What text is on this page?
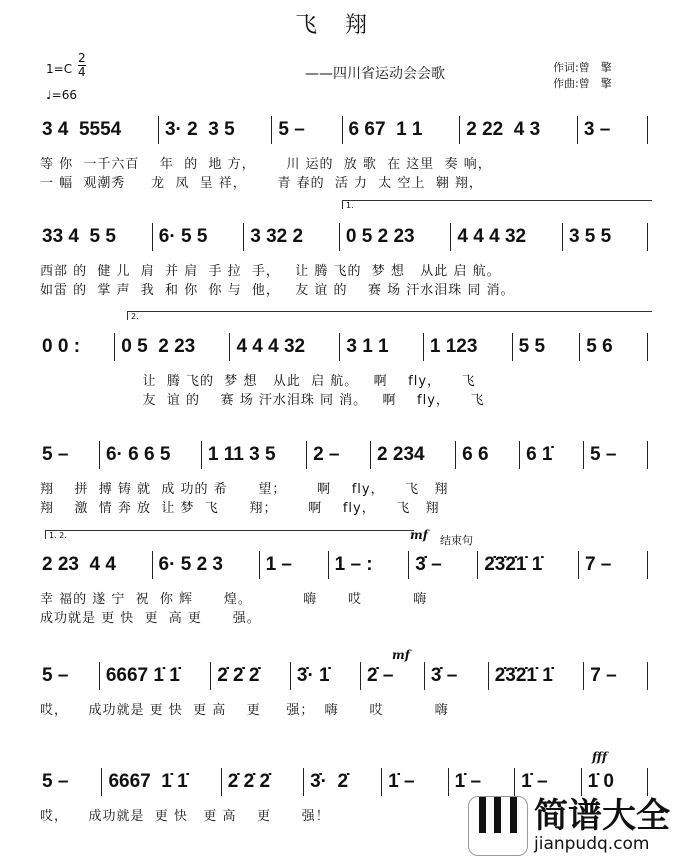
飞翔
1=C
2
4
♩=66
——四川省运动会会歌	作词:曾　擎
作曲:曾　擎
3 4  5554	3· 2  3 5	5 –	6 67  1 1	2 22  4 3	3 –
33 4  5 5	6· 5 5	3 32 2	0 5 2 23	4 4 4 32	3 5 5
0 0 :	0 5  2 23	4 4 4 32	3 1 1	1 123	5 5	5 6
5 –	6· 6 6 5	1 11 3 5	2 –	2 234	6 6	6 1̇	5 –
2 23  4 4	6· 5 2 3	1 –	1 – :	3̇ –	2̇3̇2̇1̇ 1̇	7 –
5 –	6667 1̇ 1̇	2̇ 2̇ 2̇	3̇· 1̇	2̇ –	3̇ –	2̇3̇2̇1̇ 1̇	7 –
5 –	6667  1̇ 1̇	2̇ 2̇ 2̇	3̇·  2̇	1̇ –	1̇ –	1̇ –	1̇ 0
1.
2.
1. 2.	mf 结束句
mf
fff
简谱大全
jianpudq.com
等 你  一千六百    年  的  地 方，      川 运的  放 歌  在 这里  奏 响，
一 幅  观潮秀     龙  凤  呈 祥，      青 春的  活 力  太 空上  翱 翔，
西部 的  健 儿  肩  并 肩  手 拉  手，   让 腾 飞的  梦 想   从此 启 航。
如雷 的  掌 声  我  和 你  你 与  他，   友 谊 的    赛 场 汗水泪珠 同 消。
让  腾 飞的  梦 想   从此  启 航。   啊    fly，    飞
友  谊 的    赛 场 汗水泪珠 同 消。   啊    fly，    飞
翔    拼  搏 铸 就  成 功的 希      望；      啊    fly，    飞   翔
翔    激  情 奔 放  让 梦  飞      翔；      啊    fly，    飞   翔
幸 福的 遂 宁  祝  你 辉      煌。          嗨      哎          嗨
成功就是 更 快  更  高 更      强。
哎，    成功就是 更 快  更 高    更     强；  嗨      哎          嗨
哎，    成功就是  更 快   更 高    更      强！
